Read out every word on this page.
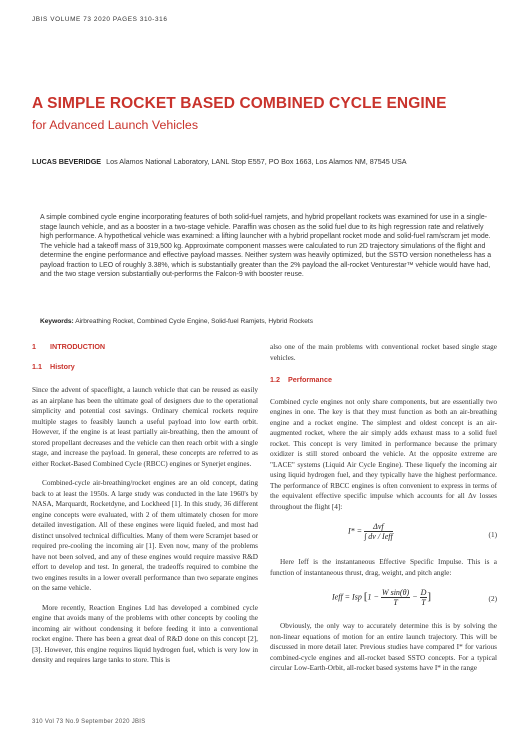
JBIS VOLUME 73 2020 PAGES 310-316
A SIMPLE ROCKET BASED COMBINED CYCLE ENGINE
for Advanced Launch Vehicles
LUCAS BEVERIDGE Los Alamos National Laboratory, LANL Stop E557, PO Box 1663, Los Alamos NM, 87545 USA

A simple combined cycle engine incorporating features of both solid-fuel ramjets, and hybrid propellant rockets was examined for use in a single-stage launch vehicle, and as a booster in a two-stage vehicle. Paraffin was chosen as the solid fuel due to its high regression rate and relatively high performance. A hypothetical vehicle was examined: a lifting launcher with a hybrid propellant rocket mode and solid-fuel ram/scram jet mode. The vehicle had a takeoff mass of 319,500 kg. Approximate component masses were calculated to run 2D trajectory simulations of the flight and determine the engine performance and effective payload masses. Neither system was heavily optimized, but the SSTO version nonetheless has a payload fraction to LEO of roughly 3.38%, which is substantially greater than the 2% payload the all-rocket Venturestar™ vehicle would have had, and the two stage version substantially out-performs the Falcon-9 with booster reuse.

Keywords: Airbreathing Rocket, Combined Cycle Engine, Solid-fuel Ramjets, Hybrid Rockets
1 INTRODUCTION
1.1 History

Since the advent of spaceflight, a launch vehicle that can be reused as easily as an airplane has been the ultimate goal of designers due to the operational simplicity and potential cost savings. Ordinary chemical rockets require multiple stages to feasibly launch a useful payload into low earth orbit. However, if the engine is at least partially air-breathing, then the amount of stored propellant decreases and the vehicle can then reach orbit with a single stage, and increase the payload. In general, these concepts are referred to as either Rocket-Based Combined Cycle (RBCC) engines or Synerjet engines.

Combined-cycle air-breathing/rocket engines are an old concept, dating back to at least the 1950s. A large study was conducted in the late 1960's by NASA, Marquardt, Rocketdyne, and Lockheed [1]. In this study, 36 different engine concepts were evaluated, with 2 of them ultimately chosen for more detailed investigation. All of these engines were liquid fueled, and most had distinct unsolved technical difficulties. Many of them were Scramjet based or required pre-cooling the incoming air [1]. Even now, many of the problems have not been solved, and any of these engines would require massive R&D effort to develop and test. In general, the tradeoffs required to combine the two engines results in a lower overall performance than two separate engines on the same vehicle.

More recently, Reaction Engines Ltd has developed a combined cycle engine that avoids many of the problems with other concepts by cooling the incoming air without condensing it before feeding it into a conventional rocket engine. There has been a great deal of R&D done on this concept [2], [3]. However, this engine requires liquid hydrogen fuel, which is very low in density and requires large tanks to store. This is

also one of the main problems with conventional rocket based single stage vehicles.

1.2 Performance

Combined cycle engines not only share components, but are essentially two engines in one. The key is that they must function as both an air-breathing engine and a rocket engine. The simplest and oldest concept is an air-augmented rocket, where the air simply adds exhaust mass to a solid fuel rocket. This concept is very limited in performance because the primary oxidizer is still stored onboard the vehicle. At the opposite extreme are "LACE" systems (Liquid Air Cycle Engine). These liquefy the incoming air using liquid hydrogen fuel, and they typically have the highest performance. The performance of RBCC engines is often convenient to express in terms of the equivalent effective specific impulse which accounts for all Δv losses throughout the flight [4]:

$I* = \frac{\text{Δvf}}{\text{∫ dv / Ieff}}$	(1)

Here Ieff is the instantaneous Effective Specific Impulse. This is a function of instantaneous thrust, drag, weight, and pitch angle:

Ieff = Isp [$1 - \frac{\text{W sin(θ)}}{T} - \frac{D}{T}$ ]	(2)

Obviously, the only way to accurately determine this is by solving the non-linear equations of motion for an entire launch trajectory. This will be discussed in more detail later. Previous studies have compared I* for various combined-cycle engines and all-rocket based SSTO concepts. For a typical circular Low-Earth-Orbit, all-rocket based systems have I* in the range

310 Vol 73 No.9 September 2020 JBIS
